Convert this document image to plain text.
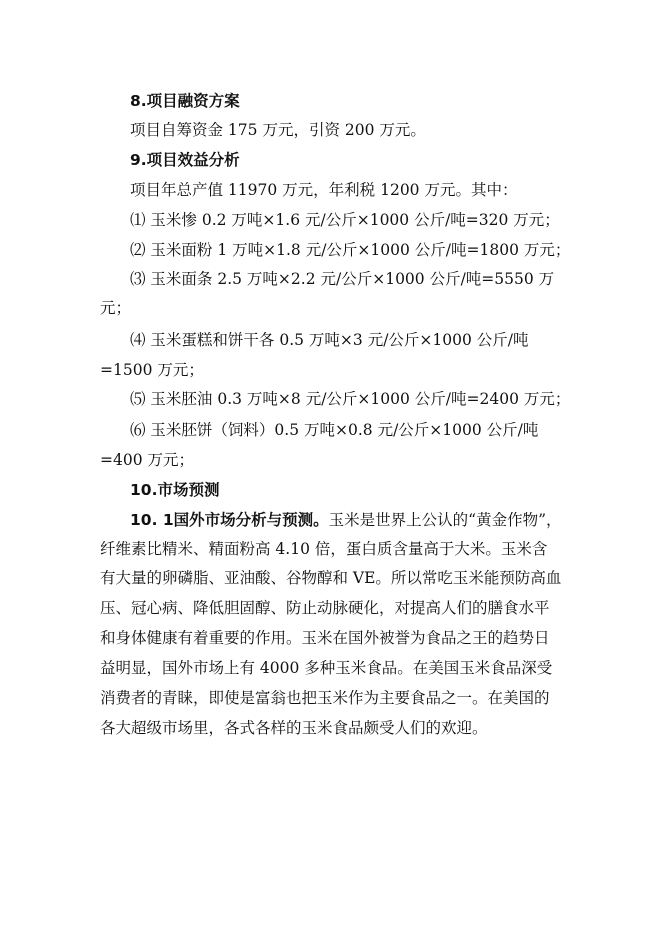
8.项目融资方案
项目自筹资金 175 万元，引资 200 万元。
9.项目效益分析
项目年总产值 11970 万元，年利税 1200 万元。其中：
⑴ 玉米惨 0.2 万吨×1.6 元/公斤×1000 公斤/吨=320 万元；
⑵ 玉米面粉 1 万吨×1.8 元/公斤×1000 公斤/吨=1800 万元；
⑶ 玉米面条 2.5 万吨×2.2 元/公斤×1000 公斤/吨=5550 万
元；
⑷ 玉米蛋糕和饼干各 0.5 万吨×3 元/公斤×1000 公斤/吨
=1500 万元；
⑸ 玉米胚油 0.3 万吨×8 元/公斤×1000 公斤/吨=2400 万元；
⑹ 玉米胚饼（饲料）0.5 万吨×0.8 元/公斤×1000 公斤/吨
=400 万元；
10.市场预测
10. 1国外市场分析与预测。玉米是世界上公认的“黄金作物”，
纤维素比精米、精面粉高 4.10 倍，蛋白质含量高于大米。玉米含
有大量的卵磷脂、亚油酸、谷物醇和 VE。所以常吃玉米能预防高血
压、冠心病、降低胆固醇、防止动脉硬化，对提高人们的膳食水平
和身体健康有着重要的作用。玉米在国外被誉为食品之王的趋势日
益明显，国外市场上有 4000 多种玉米食品。在美国玉米食品深受
消费者的青睐，即使是富翁也把玉米作为主要食品之一。在美国的
各大超级市场里，各式各样的玉米食品颇受人们的欢迎。
